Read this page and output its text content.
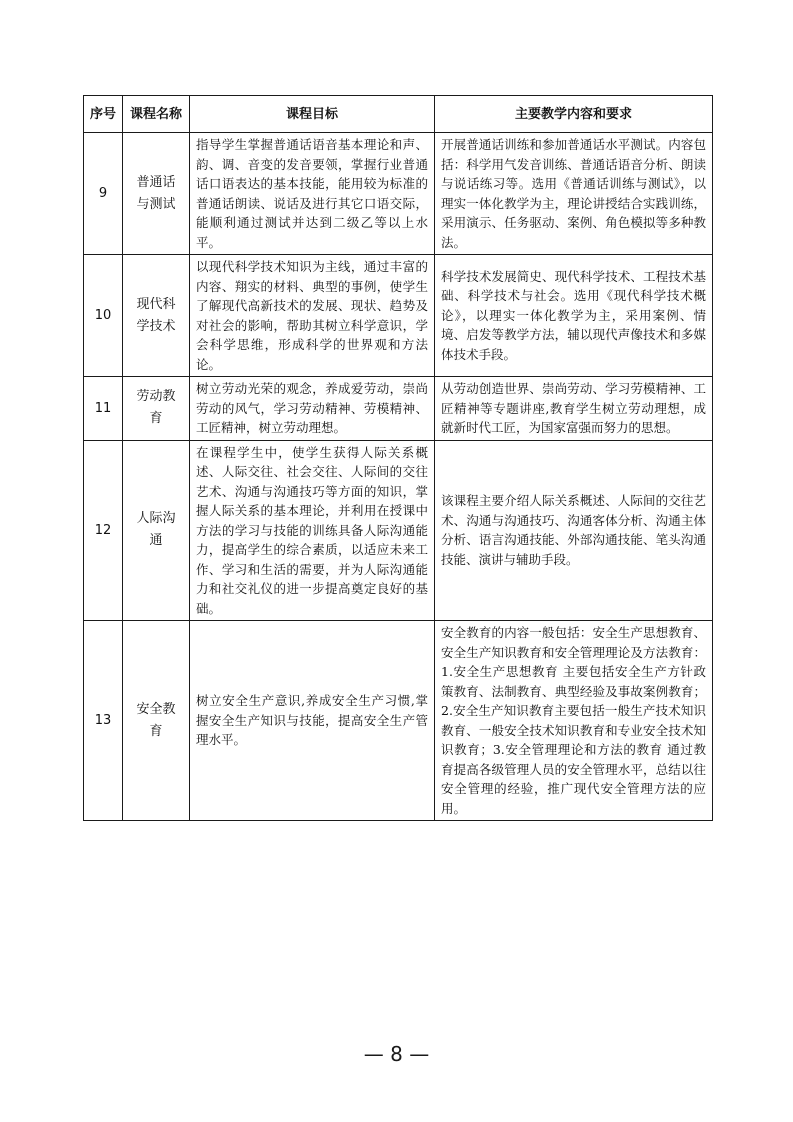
序号	课程名称	课程目标	主要教学内容和要求
9	普通话与测试	指导学生掌握普通话语音基本理论和声、韵、调、音变的发音要领，掌握行业普通话口语表达的基本技能，能用较为标准的普通话朗读、说话及进行其它口语交际，能顺利通过测试并达到二级乙等以上水平。	开展普通话训练和参加普通话水平测试。内容包括：科学用气发音训练、普通话语音分析、朗读与说话练习等。选用《普通话训练与测试》，以理实一体化教学为主，理论讲授结合实践训练，采用演示、任务驱动、案例、角色模拟等多种教法。
10	现代科学技术	以现代科学技术知识为主线，通过丰富的内容、翔实的材料、典型的事例，使学生了解现代高新技术的发展、现状、趋势及对社会的影响，帮助其树立科学意识，学会科学思维，形成科学的世界观和方法论。	科学技术发展简史、现代科学技术、工程技术基础、科学技术与社会。选用《现代科学技术概论》，以理实一体化教学为主，采用案例、情境、启发等教学方法，辅以现代声像技术和多媒体技术手段。
11	劳动教育	树立劳动光荣的观念，养成爱劳动，崇尚劳动的风气，学习劳动精神、劳模精神、工匠精神，树立劳动理想。	从劳动创造世界、崇尚劳动、学习劳模精神、工匠精神等专题讲座,教育学生树立劳动理想，成就新时代工匠，为国家富强而努力的思想。
12	人际沟通	在课程学生中，使学生获得人际关系概述、人际交往、社会交往、人际间的交往艺术、沟通与沟通技巧等方面的知识，掌握人际关系的基本理论，并利用在授课中方法的学习与技能的训练具备人际沟通能力，提高学生的综合素质，以适应未来工作、学习和生活的需要，并为人际沟通能力和社交礼仪的进一步提高奠定良好的基础。	该课程主要介绍人际关系概述、人际间的交往艺术、沟通与沟通技巧、沟通客体分析、沟通主体分析、语言沟通技能、外部沟通技能、笔头沟通技能、演讲与辅助手段。
13	安全教育	树立安全生产意识,养成安全生产习惯,掌握安全生产知识与技能，提高安全生产管理水平。	安全教育的内容一般包括：安全生产思想教育、安全生产知识教育和安全管理理论及方法教育：1.安全生产思想教育 主要包括安全生产方针政策教育、法制教育、典型经验及事故案例教育；2.安全生产知识教育主要包括一般生产技术知识教育、一般安全技术知识教育和专业安全技术知识教育；3.安全管理理论和方法的教育 通过教育提高各级管理人员的安全管理水平，总结以往安全管理的经验，推广现代安全管理方法的应用。
— 8 —
